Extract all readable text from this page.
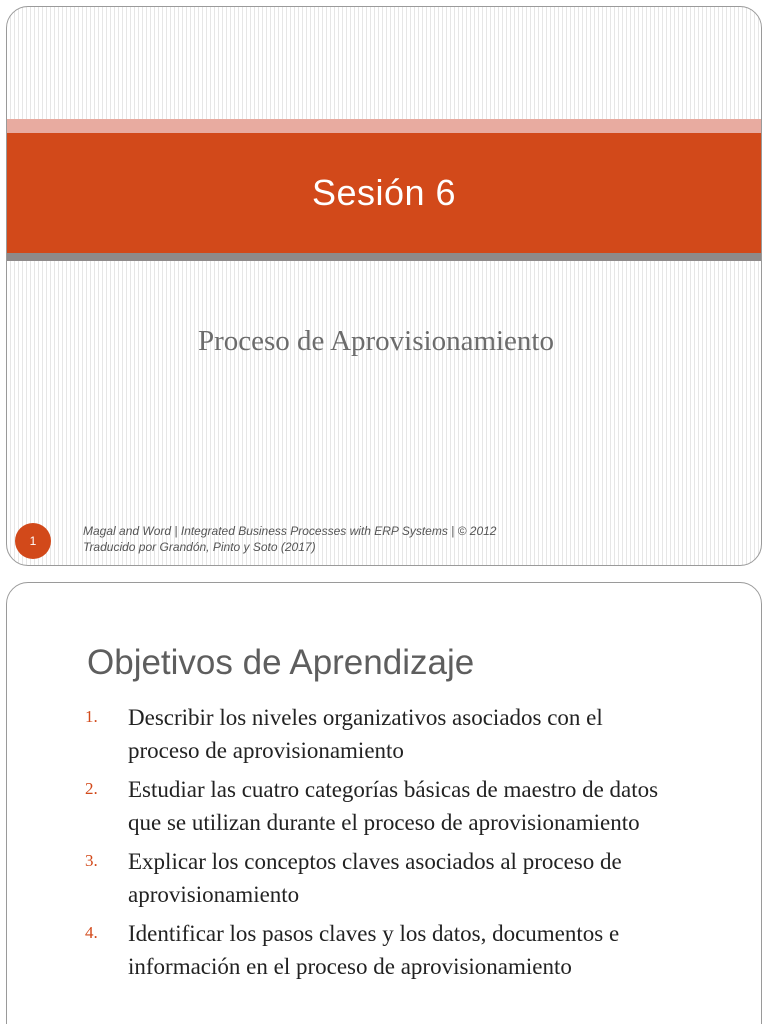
Sesión 6
Proceso de Aprovisionamiento
1
Magal and Word | Integrated Business Processes with ERP Systems | © 2012
Traducido por Grandón, Pinto y Soto (2017)
Objetivos de Aprendizaje
1.	Describir los niveles organizativos asociados con el
proceso de aprovisionamiento
2.	Estudiar las cuatro categorías básicas de maestro de datos
que se utilizan durante el proceso de aprovisionamiento
3.	Explicar los conceptos claves asociados al proceso de
aprovisionamiento
4.	Identificar los pasos claves y los datos, documentos e
información en el proceso de aprovisionamiento
